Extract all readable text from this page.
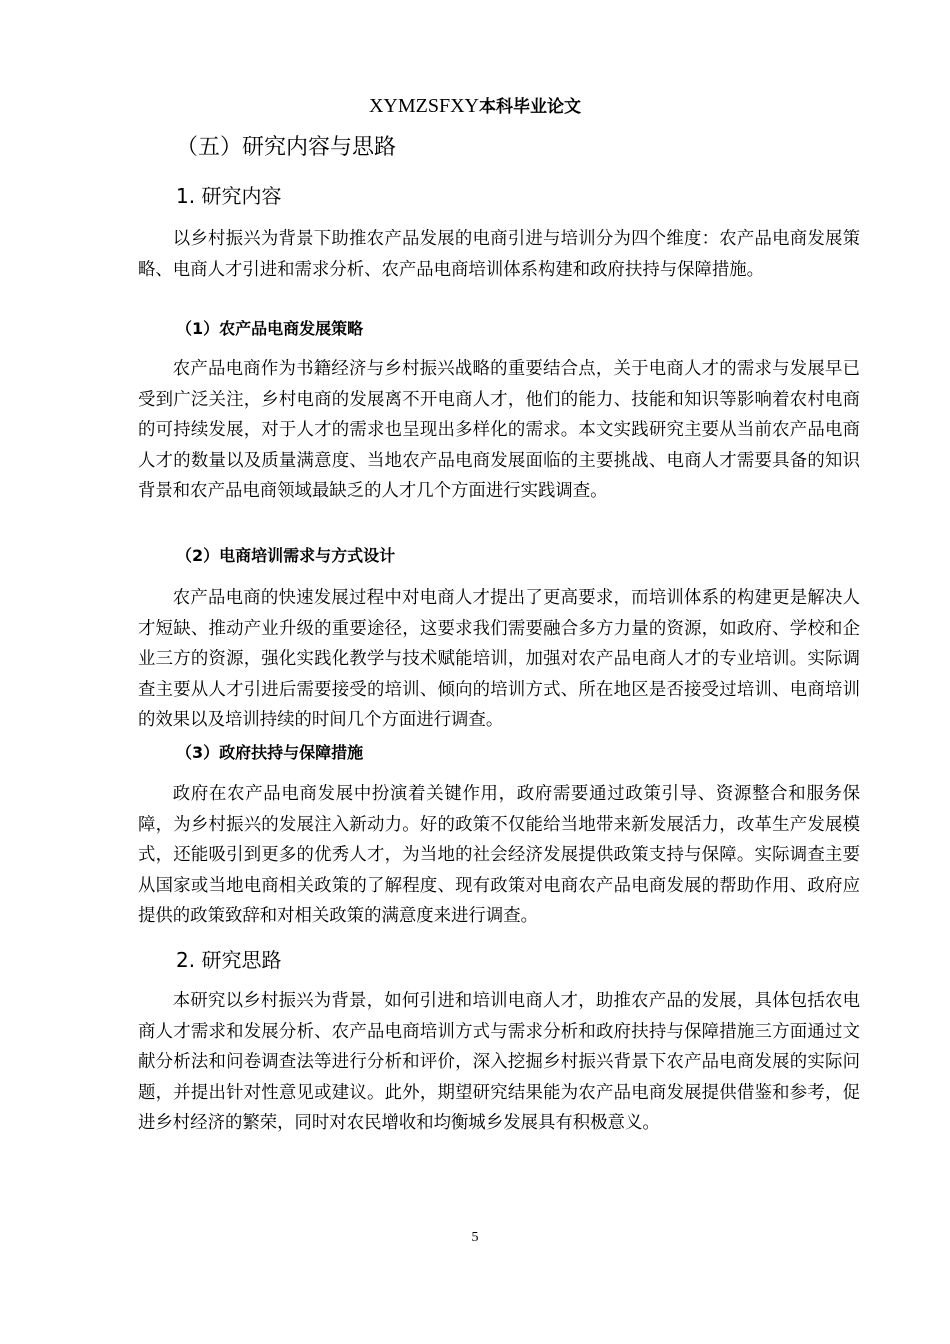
XYMZSFXY本科毕业论文
（五）研究内容与思路
1. 研究内容

以乡村振兴为背景下助推农产品发展的电商引进与培训分为四个维度：农产品电商发展策略、电商人才引进和需求分析、农产品电商培训体系构建和政府扶持与保障措施。

（1）农产品电商发展策略

农产品电商作为书籍经济与乡村振兴战略的重要结合点，关于电商人才的需求与发展早已受到广泛关注，乡村电商的发展离不开电商人才，他们的能力、技能和知识等影响着农村电商的可持续发展，对于人才的需求也呈现出多样化的需求。本文实践研究主要从当前农产品电商人才的数量以及质量满意度、当地农产品电商发展面临的主要挑战、电商人才需要具备的知识背景和农产品电商领域最缺乏的人才几个方面进行实践调查。

（2）电商培训需求与方式设计

农产品电商的快速发展过程中对电商人才提出了更高要求，而培训体系的构建更是解决人才短缺、推动产业升级的重要途径，这要求我们需要融合多方力量的资源，如政府、学校和企业三方的资源，强化实践化教学与技术赋能培训，加强对农产品电商人才的专业培训。实际调查主要从人才引进后需要接受的培训、倾向的培训方式、所在地区是否接受过培训、电商培训的效果以及培训持续的时间几个方面进行调查。

（3）政府扶持与保障措施

政府在农产品电商发展中扮演着关键作用，政府需要通过政策引导、资源整合和服务保障，为乡村振兴的发展注入新动力。好的政策不仅能给当地带来新发展活力，改革生产发展模式，还能吸引到更多的优秀人才，为当地的社会经济发展提供政策支持与保障。实际调查主要从国家或当地电商相关政策的了解程度、现有政策对电商农产品电商发展的帮助作用、政府应提供的政策致辞和对相关政策的满意度来进行调查。

2. 研究思路

本研究以乡村振兴为背景，如何引进和培训电商人才，助推农产品的发展，具体包括农电商人才需求和发展分析、农产品电商培训方式与需求分析和政府扶持与保障措施三方面通过文献分析法和问卷调查法等进行分析和评价，深入挖掘乡村振兴背景下农产品电商发展的实际问题，并提出针对性意见或建议。此外，期望研究结果能为农产品电商发展提供借鉴和参考，促进乡村经济的繁荣，同时对农民增收和均衡城乡发展具有积极意义。

5
